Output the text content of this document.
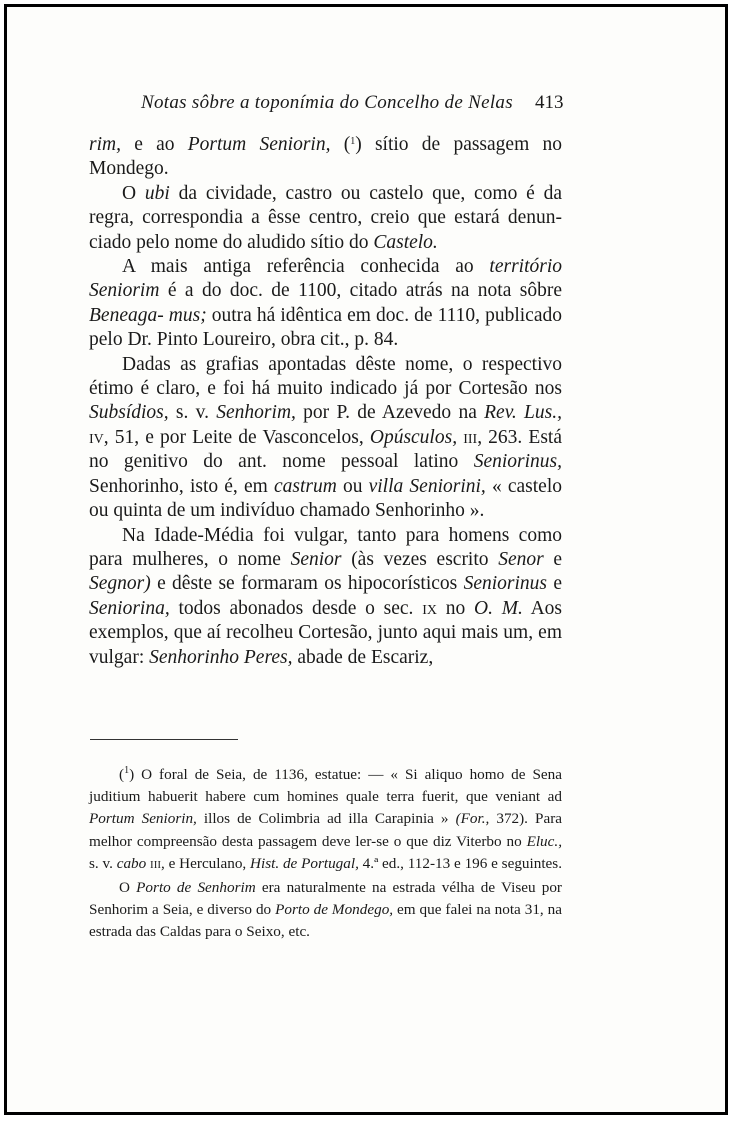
Notas sôbre a toponímia do Concelho de Nelas	413

rim, e ao Portum Seniorin, ($^1$) sítio de passagem no Mondego.

O ubi da cividade, castro ou castelo que, como é da regra, correspondia a êsse centro, creio que estará denun- ciado pelo nome do aludido sítio do Castelo.

A mais antiga referência conhecida ao território Seniorim é a do doc. de 1100, citado atrás na nota sôbre Beneaga- mus; outra há idêntica em doc. de 1110, publicado pelo Dr. Pinto Loureiro, obra cit., p. 84.

Dadas as grafias apontadas dêste nome, o respectivo étimo é claro, e foi há muito indicado já por Cortesão nos Subsídios, s. v. Senhorim, por P. de Azevedo na Rev. Lus., iv, 51, e por Leite de Vasconcelos, Opúsculos, iii, 263. Está no genitivo do ant. nome pessoal latino Seniorinus, Senhorinho, isto é, em castrum ou villa Seniorini, « castelo ou quinta de um indivíduo chamado Senhorinho ».

Na Idade-Média foi vulgar, tanto para homens como para mulheres, o nome Senior (às vezes escrito Senor e Segnor) e dêste se formaram os hipocorísticos Seniorinus e Seniorina, todos abonados desde o sec. ix no O. M. Aos exemplos, que aí recolheu Cortesão, junto aqui mais um, em vulgar: Senhorinho Peres, abade de Escariz,

($^1$) O foral de Seia, de 1136, estatue: — « Si aliquo homo de Sena juditium habuerit habere cum homines quale terra fuerit, que veniant ad Portum Seniorin, illos de Colimbria ad illa Carapinia » (For., 372). Para melhor compreensão desta passagem deve ler-se o que diz Viterbo no Eluc., s. v. cabo iii, e Herculano, Hist. de Portugal, 4.ª ed., 112-13 e 196 e seguintes.

O Porto de Senhorim era naturalmente na estrada vélha de Viseu por Senhorim a Seia, e diverso do Porto de Mondego, em que falei na nota 31, na estrada das Caldas para o Seixo, etc.
